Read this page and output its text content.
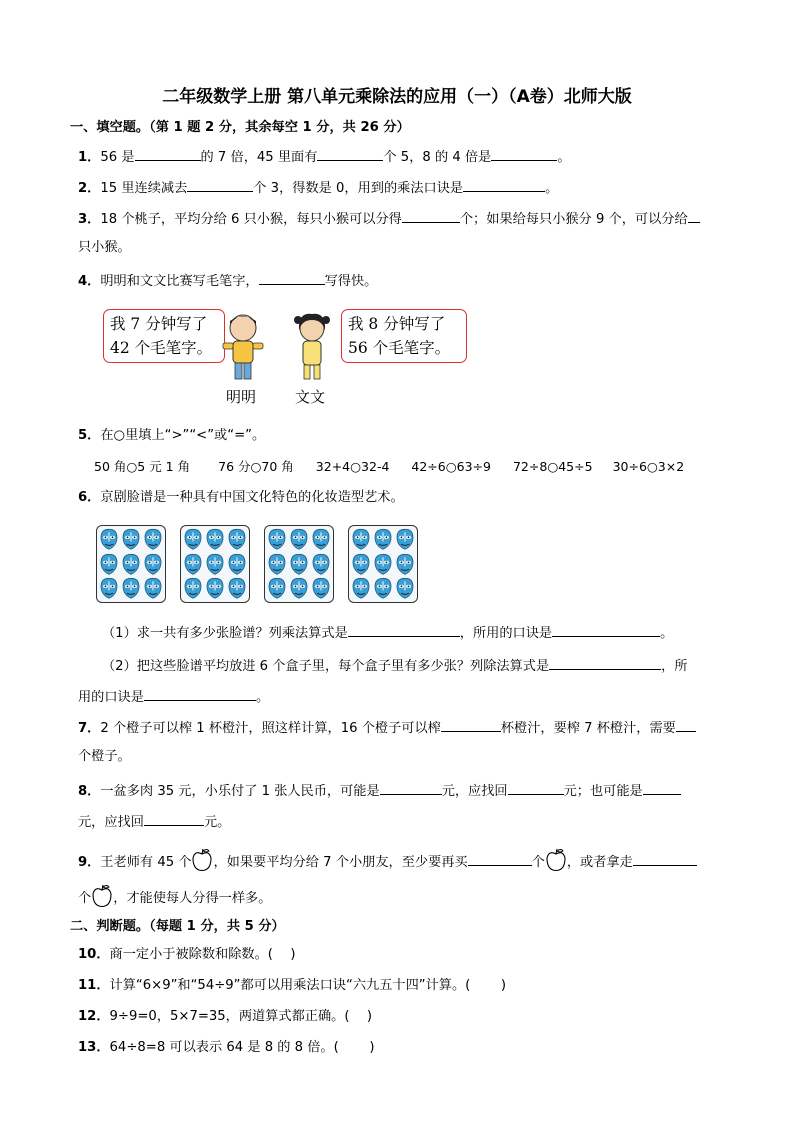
二年级数学上册 第八单元乘除法的应用（一）（A卷）北师大版
一、填空题。（第 1 题 2 分，其余每空 1 分，共 26 分）
1．56 是	的 7 倍，45 里面有	个 5，8 的 4 倍是	。
2．15 里连续减去	个 3，得数是 0，用到的乘法口诀是	。
3．18 个桃子，平均分给 6 只小猴，每只小猴可以分得	个；如果给每只小猴分 9 个，可以分给
只小猴。
4．明明和文文比赛写毛笔字，	写得快。
我 7 分钟写了
42 个毛笔字。
我 8 分钟写了
56 个毛笔字。
明明	文文
5．在○里填上“>”“<”或“=”。
50 角○5 元 1 角 76 分○70 角 32+4○32-4 42÷6○63÷9 72÷8○45÷5 30÷6○3×2
6．京剧脸谱是一种具有中国文化特色的化妆造型艺术。
（1）求一共有多少张脸谱？列乘法算式是	，所用的口诀是	。
（2）把这些脸谱平均放进 6 个盒子里，每个盒子里有多少张？列除法算式是	，所
用的口诀是	。
7．2 个橙子可以榨 1 杯橙汁，照这样计算，16 个橙子可以榨	杯橙汁，要榨 7 杯橙汁，需要
个橙子。
8．一盆多肉 35 元，小乐付了 1 张人民币，可能是	元，应找回	元；也可能是
元，应找回	元。
9．王老师有 45 个 ，如果要平均分给 7 个小朋友，至少要再买	个 ，或者拿走
个 ，才能使每人分得一样多。
二、判断题。（每题 1 分，共 5 分）
10．商一定小于被除数和除数。(　 )
11．计算“6×9”和“54÷9”都可以用乘法口诀“六九五十四”计算。(　 　)
12．9÷9=0，5×7=35，两道算式都正确。(　 )
13．64÷8=8 可以表示 64 是 8 的 8 倍。(　 　)
